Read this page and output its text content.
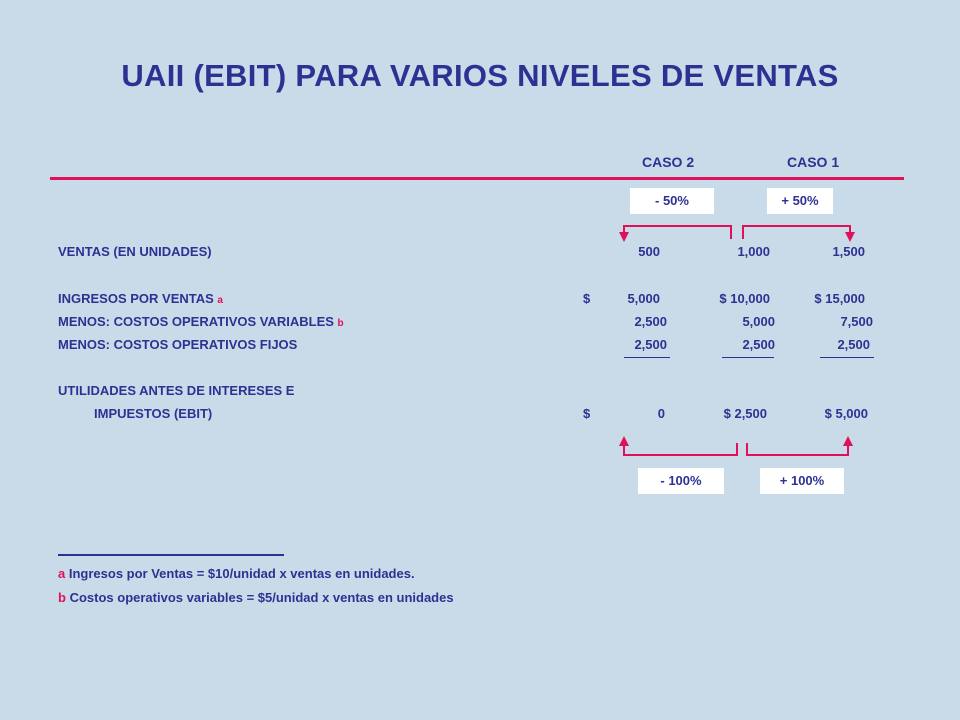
UAII (EBIT) PARA VARIOS NIVELES DE VENTAS
CASO 2	CASO 1
- 50%	+ 50%
VENTAS (EN UNIDADES)	500	1,000	1,500
INGRESOS POR VENTAS a	$	5,000	$ 10,000	$ 15,000
MENOS: COSTOS OPERATIVOS VARIABLES b	2,500	5,000	7,500
MENOS: COSTOS OPERATIVOS FIJOS	2,500	2,500	2,500
UTILIDADES ANTES DE INTERESES E
IMPUESTOS (EBIT)	$	0	$ 2,500	$ 5,000
- 100%	+ 100%
a Ingresos por Ventas = $10/unidad x ventas en unidades.
b Costos operativos variables = $5/unidad x ventas en unidades
